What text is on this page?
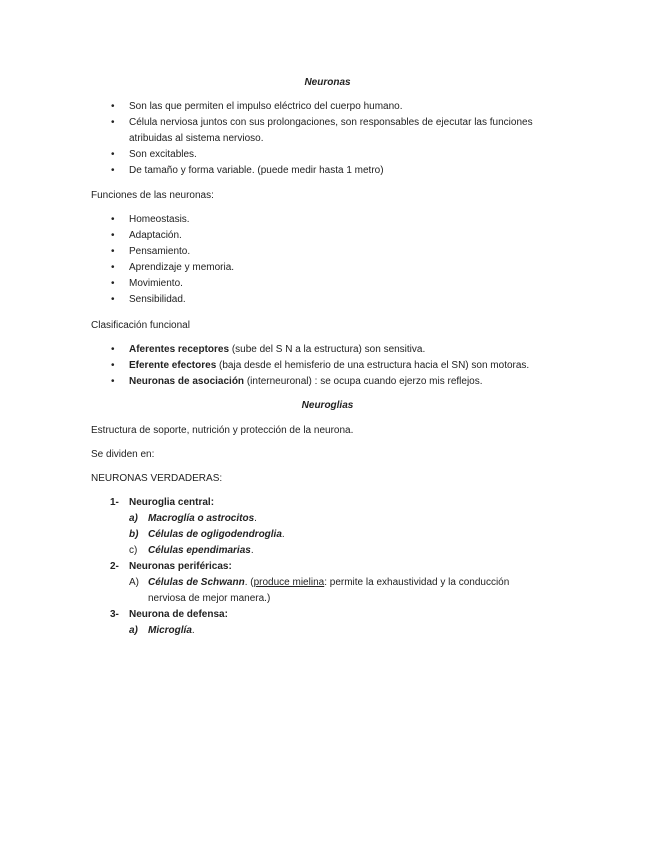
Neuronas
• Son las que permiten el impulso eléctrico del cuerpo humano.
• Célula nerviosa juntos con sus prolongaciones, son responsables de ejecutar las funciones atribuidas al sistema nervioso.
• Son excitables.
• De tamaño y forma variable. (puede medir hasta 1 metro)
Funciones de las neuronas:
• Homeostasis.
• Adaptación.
• Pensamiento.
• Aprendizaje y memoria.
• Movimiento.
• Sensibilidad.
Clasificación funcional
• Aferentes receptores (sube del S N a la estructura) son sensitiva.
• Eferente efectores (baja desde el hemisferio de una estructura hacia el SN) son motoras.
• Neuronas de asociación (interneuronal) : se ocupa cuando ejerzo mis reflejos.
Neuroglias
Estructura de soporte, nutrición y protección de la neurona.
Se dividen en:
NEURONAS VERDADERAS:
1- Neuroglia central:
a) Macroglía o astrocitos.
b) Células de ogligodendroglia.
c) Células ependimarias.
2- Neuronas periféricas:
A) Células de Schwann. (produce mielina: permite la exhaustividad y la conducción
nerviosa de mejor manera.)
3- Neurona de defensa:
a) Microglía.
